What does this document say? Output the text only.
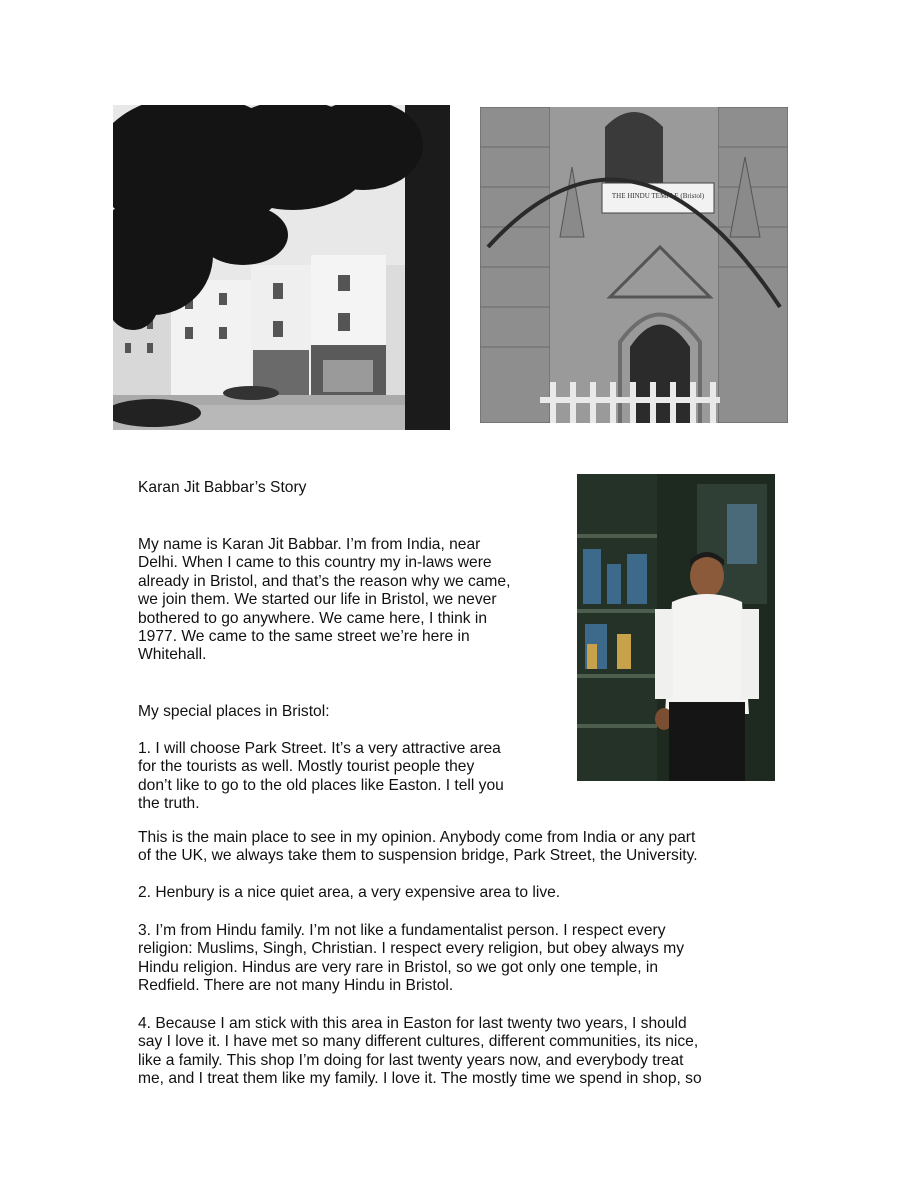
THE HINDU TEMPLE (Bristol)

Karan Jit Babbar’s Story

My name is Karan Jit Babbar. I’m from India, near
Delhi. When I came to this country my in-laws were
already in Bristol, and that’s the reason why we came,
we join them. We started our life in Bristol, we never
bothered to go anywhere. We came here, I think in
1977. We came to the same street we’re here in
Whitehall.

My special places in Bristol:

1. I will choose Park Street. It’s a very attractive area
for the tourists as well. Mostly tourist people they
don’t like to go to the old places like Easton. I tell you
the truth.

This is the main place to see in my opinion. Anybody come from India or any part
of the UK, we always take them to suspension bridge, Park Street, the University.

2. Henbury is a nice quiet area, a very expensive area to live.

3. I’m from Hindu family. I’m not like a fundamentalist person. I respect every
religion: Muslims, Singh, Christian. I respect every religion, but obey always my
Hindu religion. Hindus are very rare in Bristol, so we got only one temple, in
Redfield. There are not many Hindu in Bristol.

4. Because I am stick with this area in Easton for last twenty two years, I should
say I love it. I have met so many different cultures, different communities, its nice,
like a family. This shop I’m doing for last twenty years now, and everybody treat
me, and I treat them like my family. I love it. The mostly time we spend in shop, so
